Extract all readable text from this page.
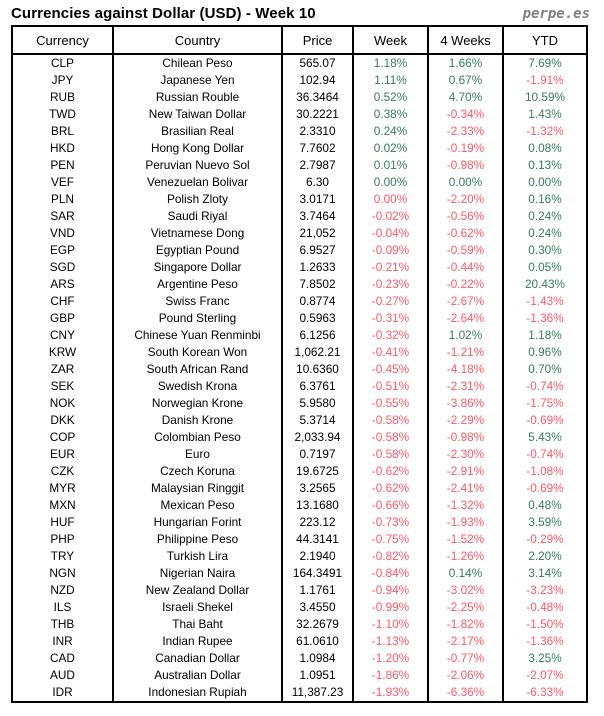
Currencies against Dollar (USD) - Week 10	perpe.es
Currency	Country	Price	Week	4 Weeks	YTD
CLP	Chilean Peso	565.07	1.18%	1.66%	7.69%
JPY	Japanese Yen	102.94	1.11%	0.67%	-1.91%
RUB	Russian Rouble	36.3464	0.52%	4.70%	10.59%
TWD	New Taiwan Dollar	30.2221	0.38%	-0.34%	1.43%
BRL	Brasilian Real	2.3310	0.24%	-2.33%	-1.32%
HKD	Hong Kong Dollar	7.7602	0.02%	-0.19%	0.08%
PEN	Peruvian Nuevo Sol	2.7987	0.01%	-0.98%	0.13%
VEF	Venezuelan Bolivar	6.30	0.00%	0.00%	0.00%
PLN	Polish Zloty	3.0171	0.00%	-2.20%	0.16%
SAR	Saudi Riyal	3.7464	-0.02%	-0.56%	0.24%
VND	Vietnamese Dong	21,052	-0.04%	-0.62%	0.24%
EGP	Egyptian Pound	6.9527	-0.09%	-0.59%	0.30%
SGD	Singapore Dollar	1.2633	-0.21%	-0.44%	0.05%
ARS	Argentine Peso	7.8502	-0.23%	-0.22%	20.43%
CHF	Swiss Franc	0.8774	-0.27%	-2.67%	-1.43%
GBP	Pound Sterling	0.5963	-0.31%	-2.64%	-1.36%
CNY	Chinese Yuan Renminbi	6.1256	-0.32%	1.02%	1.18%
KRW	South Korean Won	1,062.21	-0.41%	-1.21%	0.96%
ZAR	South African Rand	10.6360	-0.45%	-4.18%	0.70%
SEK	Swedish Krona	6.3761	-0.51%	-2.31%	-0.74%
NOK	Norwegian Krone	5.9580	-0.55%	-3.86%	-1.75%
DKK	Danish Krone	5.3714	-0.58%	-2.29%	-0.69%
COP	Colombian Peso	2,033.94	-0.58%	-0.98%	5.43%
EUR	Euro	0.7197	-0.58%	-2.30%	-0.74%
CZK	Czech Koruna	19.6725	-0.62%	-2.91%	-1.08%
MYR	Malaysian Ringgit	3.2565	-0.62%	-2.41%	-0.69%
MXN	Mexican Peso	13.1680	-0.66%	-1.32%	0.48%
HUF	Hungarian Forint	223.12	-0.73%	-1.93%	3.59%
PHP	Philippine Peso	44.3141	-0.75%	-1.52%	-0.29%
TRY	Turkish Lira	2.1940	-0.82%	-1.26%	2.20%
NGN	Nigerian Naira	164.3491	-0.84%	0.14%	3.14%
NZD	New Zealand Dollar	1.1761	-0.94%	-3.02%	-3.23%
ILS	Israeli Shekel	3.4550	-0.99%	-2.25%	-0.48%
THB	Thai Baht	32.2679	-1.10%	-1.82%	-1.50%
INR	Indian Rupee	61.0610	-1.13%	-2.17%	-1.36%
CAD	Canadian Dollar	1.0984	-1.20%	-0.77%	3.25%
AUD	Australian Dollar	1.0951	-1.86%	-2.06%	-2.07%
IDR	Indonesian Rupiah	11,387.23	-1.93%	-6.36%	-6.33%
